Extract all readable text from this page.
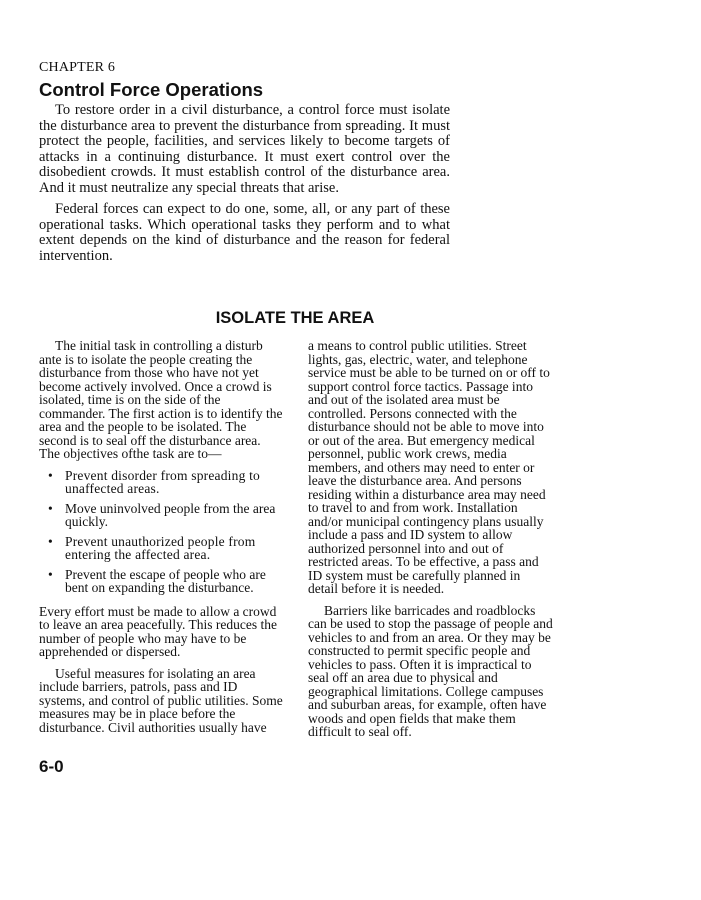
CHAPTER 6
Control Force Operations

To restore order in a civil disturbance, a control force must isolate the disturbance area to prevent the disturbance from spreading. It must protect the people, facilities, and services likely to become targets of attacks in a continuing disturbance. It must exert control over the disobedient crowds. It must establish control of the disturbance area. And it must neutralize any special threats that arise.

Federal forces can expect to do one, some, all, or any part of these operational tasks. Which operational tasks they perform and to what extent depends on the kind of disturbance and the reason for federal intervention.

ISOLATE THE AREA

The initial task in controlling a disturb ante is to isolate the people creating the disturbance from those who have not yet become actively involved. Once a crowd is isolated, time is on the side of the commander. The first action is to identify the area and the people to be isolated. The second is to seal off the disturbance area. The objectives ofthe task are to—

• Prevent disorder from spreading to unaffected areas.
• Move uninvolved people from the area quickly.
• Prevent unauthorized people from entering the affected area.
• Prevent the escape of people who are bent on expanding the disturbance.

Every effort must be made to allow a crowd to leave an area peacefully. This reduces the number of people who may have to be apprehended or dispersed.

Useful measures for isolating an area include barriers, patrols, pass and ID systems, and control of public utilities. Some measures may be in place before the disturbance. Civil authorities usually have

a means to control public utilities. Street lights, gas, electric, water, and telephone service must be able to be turned on or off to support control force tactics. Passage into and out of the isolated area must be controlled. Persons connected with the disturbance should not be able to move into or out of the area. But emergency medical personnel, public work crews, media members, and others may need to enter or leave the disturbance area. And persons residing within a disturbance area may need to travel to and from work. Installation and/or municipal contingency plans usually include a pass and ID system to allow authorized personnel into and out of restricted areas. To be effective, a pass and ID system must be carefully planned in detail before it is needed.

Barriers like barricades and roadblocks can be used to stop the passage of people and vehicles to and from an area. Or they may be constructed to permit specific people and vehicles to pass. Often it is impractical to seal off an area due to physical and geographical limitations. College campuses and suburban areas, for example, often have woods and open fields that make them difficult to seal off.

6-0
